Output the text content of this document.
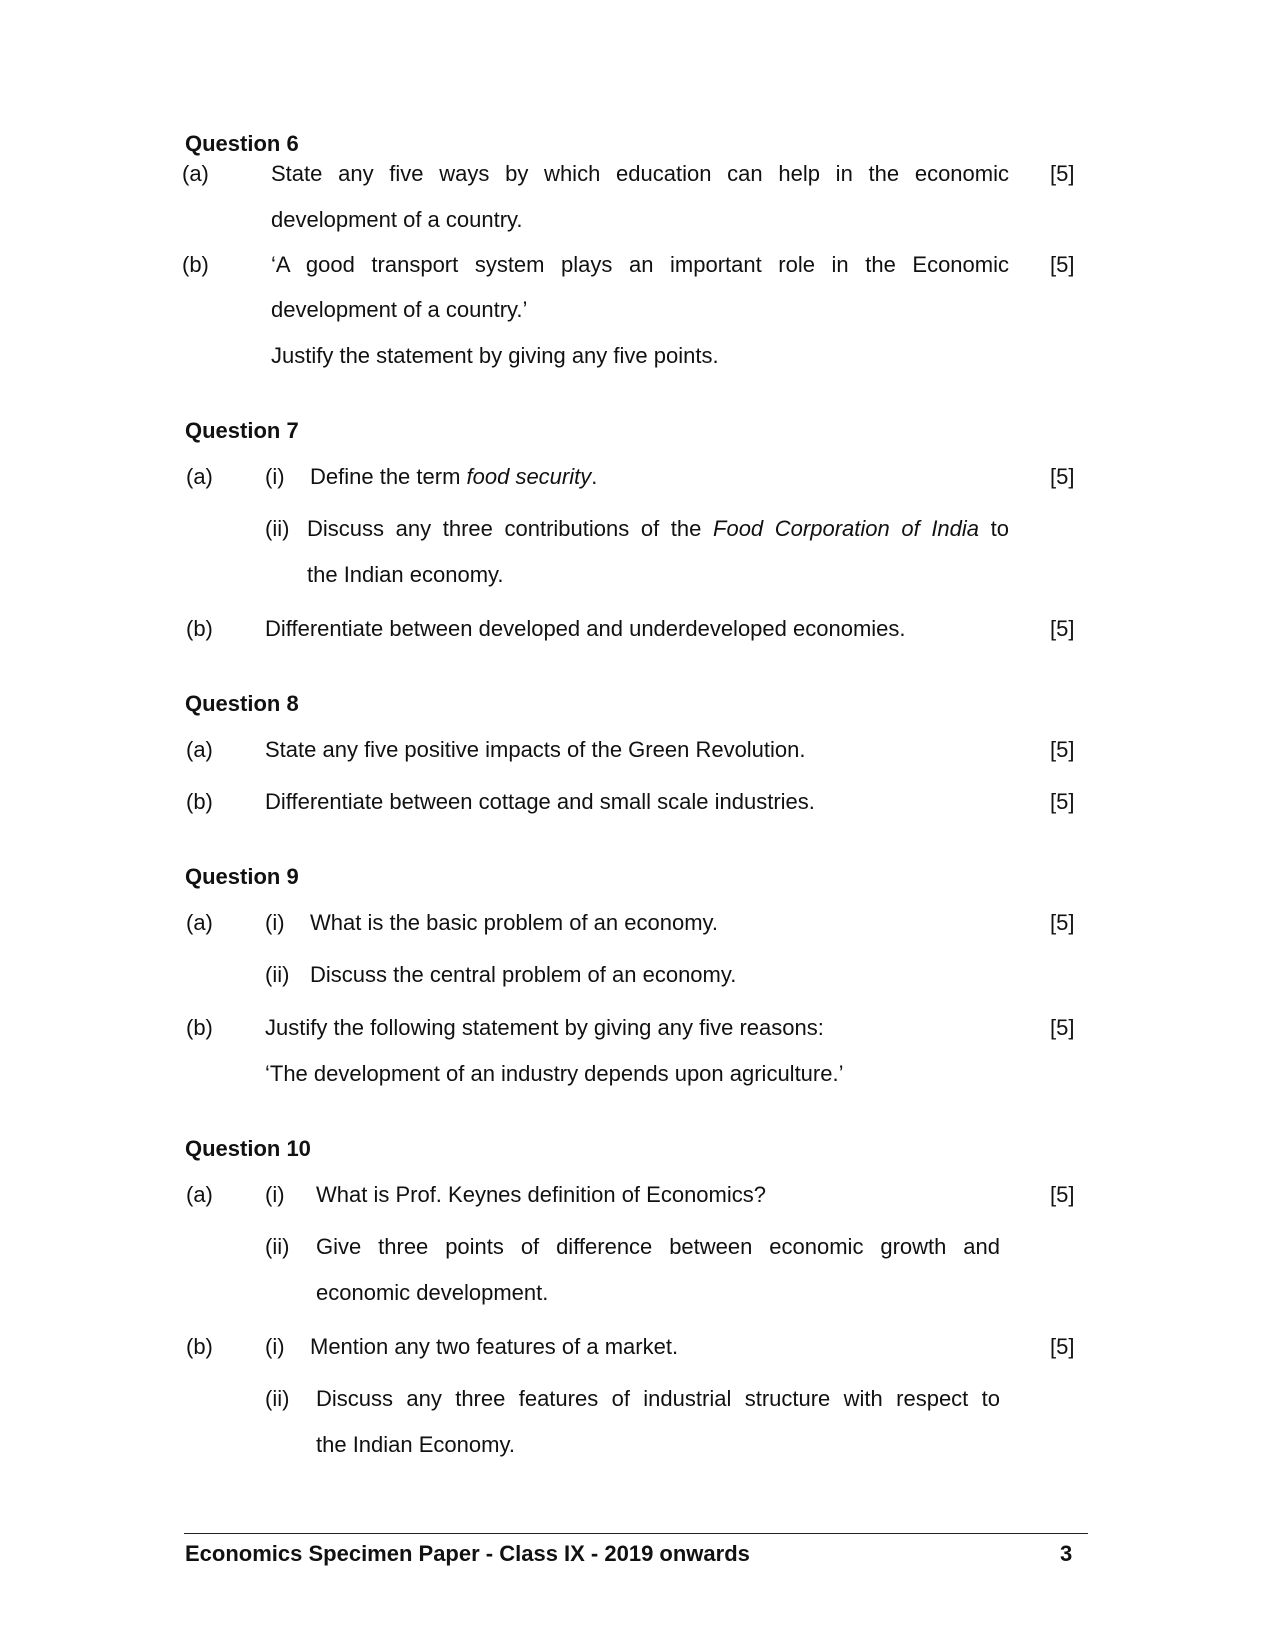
Question 6
(a)	State any five ways by which education can help in the economic
development of a country.
[5]
(b)	‘A good transport system plays an important role in the Economic
development of a country.’
Justify the statement by giving any five points.
[5]
Question 7
(a) (i) Define the term food security.	[5]
(ii) Discuss any three contributions of the Food Corporation of India to
the Indian economy.
(b) Differentiate between developed and underdeveloped economies.	[5]
Question 8
(a) State any five positive impacts of the Green Revolution.	[5]
(b) Differentiate between cottage and small scale industries.	[5]
Question 9
(a) (i) What is the basic problem of an economy.	[5]
(ii) Discuss the central problem of an economy.
(b) Justify the following statement by giving any five reasons:
‘The development of an industry depends upon agriculture.’
[5]
Question 10
(a) (i) What is Prof. Keynes definition of Economics?	[5]
(ii) Give three points of difference between economic growth and
economic development.
(b) (i) Mention any two features of a market.	[5]
(ii) Discuss any three features of industrial structure with respect to
the Indian Economy.
Economics Specimen Paper - Class IX - 2019 onwards	3
